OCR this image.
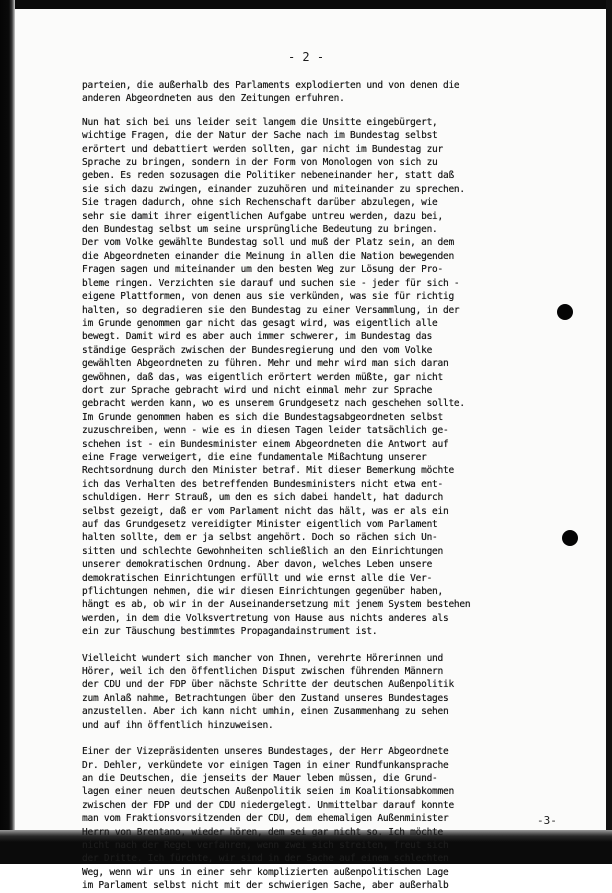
- 2 -
parteien, die außerhalb des Parlaments explodierten und von denen die
anderen Abgeordneten aus den Zeitungen erfuhren.
Nun hat sich bei uns leider seit langem die Unsitte eingebürgert,
wichtige Fragen, die der Natur der Sache nach im Bundestag selbst
erörtert und debattiert werden sollten, gar nicht im Bundestag zur
Sprache zu bringen, sondern in der Form von Monologen von sich zu
geben. Es reden sozusagen die Politiker nebeneinander her, statt daß
sie sich dazu zwingen, einander zuzuhören und miteinander zu sprechen.
Sie tragen dadurch, ohne sich Rechenschaft darüber abzulegen, wie
sehr sie damit ihrer eigentlichen Aufgabe untreu werden, dazu bei,
den Bundestag selbst um seine ursprüngliche Bedeutung zu bringen.
Der vom Volke gewählte Bundestag soll und muß der Platz sein, an dem
die Abgeordneten einander die Meinung in allen die Nation bewegenden
Fragen sagen und miteinander um den besten Weg zur Lösung der Pro-
bleme ringen. Verzichten sie darauf und suchen sie - jeder für sich -
eigene Plattformen, von denen aus sie verkünden, was sie für richtig
halten, so degradieren sie den Bundestag zu einer Versammlung, in der
im Grunde genommen gar nicht das gesagt wird, was eigentlich alle
bewegt. Damit wird es aber auch immer schwerer, im Bundestag das
ständige Gespräch zwischen der Bundesregierung und den vom Volke
gewählten Abgeordneten zu führen. Mehr und mehr wird man sich daran
gewöhnen, daß das, was eigentlich erörtert werden müßte, gar nicht
dort zur Sprache gebracht wird und nicht einmal mehr zur Sprache
gebracht werden kann, wo es unserem Grundgesetz nach geschehen sollte.
Im Grunde genommen haben es sich die Bundestagsabgeordneten selbst
zuzuschreiben, wenn - wie es in diesen Tagen leider tatsächlich ge-
schehen ist - ein Bundesminister einem Abgeordneten die Antwort auf
eine Frage verweigert, die eine fundamentale Mißachtung unserer
Rechtsordnung durch den Minister betraf. Mit dieser Bemerkung möchte
ich das Verhalten des betreffenden Bundesministers nicht etwa ent-
schuldigen. Herr Strauß, um den es sich dabei handelt, hat dadurch
selbst gezeigt, daß er vom Parlament nicht das hält, was er als ein
auf das Grundgesetz vereidigter Minister eigentlich vom Parlament
halten sollte, dem er ja selbst angehört. Doch so rächen sich Un-
sitten und schlechte Gewohnheiten schließlich an den Einrichtungen
unserer demokratischen Ordnung. Aber davon, welches Leben unsere
demokratischen Einrichtungen erfüllt und wie ernst alle die Ver-
pflichtungen nehmen, die wir diesen Einrichtungen gegenüber haben,
hängt es ab, ob wir in der Auseinandersetzung mit jenem System bestehen
werden, in dem die Volksvertretung von Hause aus nichts anderes als
ein zur Täuschung bestimmtes Propagandainstrument ist.
Vielleicht wundert sich mancher von Ihnen, verehrte Hörerinnen und
Hörer, weil ich den öffentlichen Disput zwischen führenden Männern
der CDU und der FDP über nächste Schritte der deutschen Außenpolitik
zum Anlaß nahme, Betrachtungen über den Zustand unseres Bundestages
anzustellen. Aber ich kann nicht umhin, einen Zusammenhang zu sehen
und auf ihn öffentlich hinzuweisen.
Einer der Vizepräsidenten unseres Bundestages, der Herr Abgeordnete
Dr. Dehler, verkündete vor einigen Tagen in einer Rundfunkansprache
an die Deutschen, die jenseits der Mauer leben müssen, die Grund-
lagen einer neuen deutschen Außenpolitik seien im Koalitionsabkommen
zwischen der FDP und der CDU niedergelegt. Unmittelbar darauf konnte
man vom Fraktionsvorsitzenden der CDU, dem ehemaligen Außenminister
Herrn von Brentano, wieder hören, dem sei gar nicht so. Ich möchte
nicht nach der Regel verfahren, wenn zwei sich streiten, freut sich
der Dritte. Ich fürchte, wir sind in der Sache auf einem schlechten
Weg, wenn wir uns in einer sehr komplizierten außenpolitischen Lage
im Parlament selbst nicht mit der schwierigen Sache, aber außerhalb
-3-
